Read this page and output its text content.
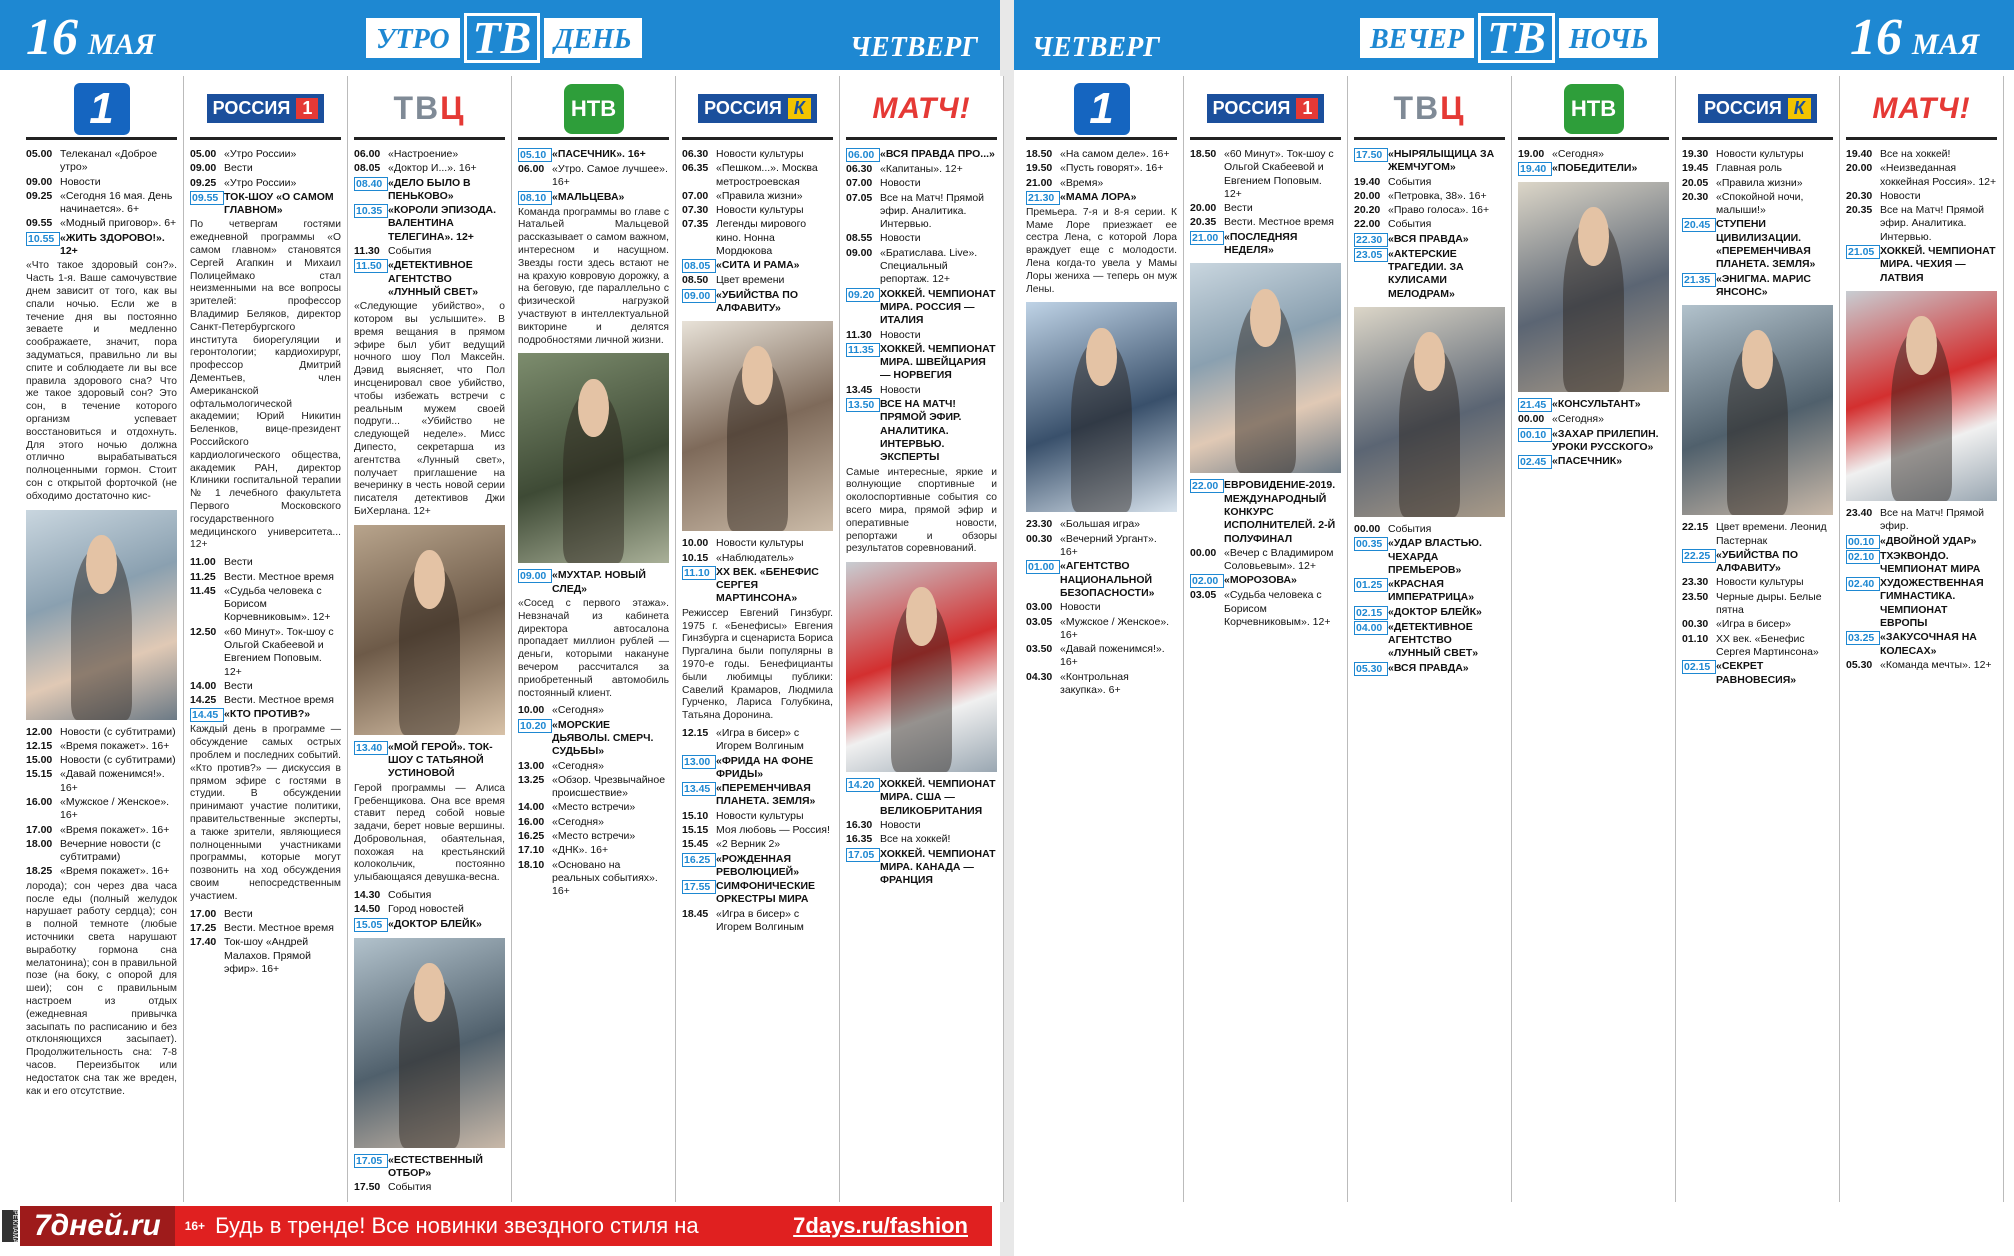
16 МАЯ	УТРО ТВ ДЕНЬ	ЧЕТВЕРГ ЧЕТВЕРГ	ВЕЧЕР ТВ НОЧЬ	16 МАЯ
1
05.00 Телеканал «Доброе утро»
09.00 Новости
09.25 «Сегодня 16 мая. День начинается». 6+
09.55 «Модный приговор». 6+
10.55 «ЖИТЬ ЗДОРОВО!». 12+
«Что такое здоровый сон?». Часть 1-я. Ваше самочувствие днем зависит от того, как вы спали ночью. Если же в течение дня вы постоянно зеваете и медленно соображаете, значит, пора задуматься, правильно ли вы спите и соблюдаете ли вы все правила здорового сна? Что же такое здоровый сон? Это сон, в течение которого организм успевает восстановиться и отдохнуть. Для этого ночью должна отлично вырабатываться полноценными гормон. Стоит сон с открытой форточкой (не обходимо достаточно кис-
12.00 Новости (с субтитрами)
12.15 «Время покажет». 16+
15.00 Новости (с субтитрами)
15.15 «Давай поженимся!». 16+
16.00 «Мужское / Женское». 16+
17.00 «Время покажет». 16+
18.00 Вечерние новости (с субтитрами)
18.25 «Время покажет». 16+
лорода); сон через два часа после еды (полный желудок нарушает работу сердца); сон в полной темноте (любые источники света нарушают выработку гормона сна мелатонина); сон в правильной позе (на боку, с опорой для шеи); сон с правильным настроем из отдых (ежедневная привычка засыпать по расписанию и без отклоняющихся засыпает). Продолжительность сна: 7-8 часов. Переизбыток или недостаток сна так же вреден, как и его отсутствие.
РОССИЯ 1
05.00 «Утро России»
09.00 Вести
09.25 «Утро России»
09.55 ТОК-ШОУ «О САМОМ ГЛАВНОМ»
По четвергам гостями ежедневной программы «О самом главном» становятся Сергей Агапкин и Михаил Полицеймако стал неизменными на все вопросы зрителей: профессор Владимир Беляков, директор Санкт-Петербургского института биорегуляции и геронтологии; кардиохирург, профессор Дмитрий Дементьев, член Американской офтальмологической академии; Юрий Никитин Беленков, вице-президент Российского кардиологического общества, академик РАН, директор Клиники госпитальной терапии № 1 лечебного факультета Первого Московского государственного медицинского университета... 12+
11.00 Вести
11.25 Вести. Местное время
11.45 «Судьба человека с Борисом Корчевниковым». 12+
12.50 «60 Минут». Ток-шоу с Ольгой Скабеевой и Евгением Поповым. 12+
14.00 Вести
14.25 Вести. Местное время
14.45 «КТО ПРОТИВ?»
Каждый день в программе — обсуждение самых острых проблем и последних событий. «Кто против?» — дискуссия в прямом эфире с гостями в студии. В обсуждении принимают участие политики, правительственные эксперты, а также зрители, являющиеся полноценными участниками программы, которые могут позвонить на ход обсуждения своим непосредственным участием.
17.00 Вести
17.25 Вести. Местное время
17.40 Ток-шоу «Андрей Малахов. Прямой эфир». 16+
ТВЦ
06.00 «Настроение»
08.05 «Доктор И...». 16+
08.40 «ДЕЛО БЫЛО В ПЕНЬКОВО»
10.35 «КОРОЛИ ЭПИЗОДА. ВАЛЕНТИНА ТЕЛЕГИНА». 12+
11.30 События
11.50 «ДЕТЕКТИВНОЕ АГЕНТСТВО «ЛУННЫЙ СВЕТ»
«Следующие убийство», о котором вы услышите». В время вещания в прямом эфире был убит ведущий ночного шоу Пол Максейн. Дэвид выясняет, что Пол инсценировал свое убийство, чтобы избежать встречи с реальным мужем своей подруги... «Убийство не следующей неделе». Мисс Дипесто, секретарша из агентства «Лунный свет», получает приглашение на вечеринку в честь новой серии писателя детективов Джи БиХерлана. 12+
13.40 «МОЙ ГЕРОЙ». ТОК-ШОУ С ТАТЬЯНОЙ УСТИНОВОЙ
Герой программы — Алиса Гребенщикова. Она все время ставит перед собой новые задачи, берет новые вершины. Добровольная, обаятельная, похожая на крестьянский колокольчик, постоянно улыбающаяся девушка-весна.
14.30 События
14.50 Город новостей
15.05 «ДОКТОР БЛЕЙК»
17.05 «ЕСТЕСТВЕННЫЙ ОТБОР»
17.50 События
НТВ
05.10 «ПАСЕЧНИК». 16+
06.00 «Утро. Самое лучшее». 16+
08.10 «МАЛЬЦЕВА»
Команда программы во главе с Натальей Мальцевой рассказывает о самом важном, интересном и насущном. Звезды гости здесь встают не на крахую ковровую дорожку, а на беговую, где параллельно с физической нагрузкой участвуют в интеллектуальной викторине и делятся подробностями личной жизни.
09.00 «МУХТАР. НОВЫЙ СЛЕД»
«Сосед с первого этажа». Невзначай из кабинета директора автосалона пропадает миллион рублей — деньги, которыми накануне вечером рассчитался за приобретенный автомобиль постоянный клиент.
10.00 «Сегодня»
10.20 «МОРСКИЕ ДЬЯВОЛЫ. СМЕРЧ. СУДЬБЫ»
13.00 «Сегодня»
13.25 «Обзор. Чрезвычайное происшествие»
14.00 «Место встречи»
16.00 «Сегодня»
16.25 «Место встречи»
17.10 «ДНК». 16+
18.10 «Основано на реальных событиях». 16+
РОССИЯ К
06.30 Новости культуры
06.35 «Пешком...». Москва метростроевская
07.00 «Правила жизни»
07.30 Новости культуры
07.35 Легенды мирового кино. Нонна Мордюкова
08.05 «СИТА И РАМА»
08.50 Цвет времени
09.00 «УБИЙСТВА ПО АЛФАВИТУ»
10.00 Новости культуры
10.15 «Наблюдатель»
11.10 ХХ ВЕК. «БЕНЕФИС СЕРГЕЯ МАРТИНСОНА»
Режиссер Евгений Гинзбург. 1975 г. «Бенефисы» Евгения Гинзбурга и сценариста Бориса Пургалина были популярны в 1970-е годы. Бенефицианты были любимцы публики: Савелий Крамаров, Людмила Гурченко, Лариса Голубкина, Татьяна Доронина.
12.15 «Игра в бисер» с Игорем Волгиным
13.00 «ФРИДА НА ФОНЕ ФРИДЫ»
13.45 «ПЕРЕМЕНЧИВАЯ ПЛАНЕТА. ЗЕМЛЯ»
15.10 Новости культуры
15.15 Моя любовь — Россия!
15.45 «2 Верник 2»
16.25 «РОЖДЕННАЯ РЕВОЛЮЦИЕЙ»
17.55 СИМФОНИЧЕСКИЕ ОРКЕСТРЫ МИРА
18.45 «Игра в бисер» с Игорем Волгиным
МАТЧ!
06.00 «ВСЯ ПРАВДА ПРО...»
06.30 «Капитаны». 12+
07.00 Новости
07.05 Все на Матч! Прямой эфир. Аналитика. Интервью.
08.55 Новости
09.00 «Братислава. Live». Специальный репортаж. 12+
09.20 ХОККЕЙ. ЧЕМПИОНАТ МИРА. РОССИЯ — ИТАЛИЯ
11.30 Новости
11.35 ХОККЕЙ. ЧЕМПИОНАТ МИРА. ШВЕЙЦАРИЯ — НОРВЕГИЯ
13.45 Новости
13.50 ВСЕ НА МАТЧ! ПРЯМОЙ ЭФИР. АНАЛИТИКА. ИНТЕРВЬЮ. ЭКСПЕРТЫ
Самые интересные, яркие и волнующие спортивные и околоспортивные события со всего мира, прямой эфир и оперативные новости, репортажи и обзоры результатов соревнований.
14.20 ХОККЕЙ. ЧЕМПИОНАТ МИРА. США — ВЕЛИКОБРИТАНИЯ
16.30 Новости
16.35 Все на хоккей!
17.05 ХОККЕЙ. ЧЕМПИОНАТ МИРА. КАНАДА — ФРАНЦИЯ
1
18.50 «На самом деле». 16+
19.50 «Пусть говорят». 16+
21.00 «Время»
21.30 «МАМА ЛОРА»
Премьера. 7-я и 8-я серии. К Маме Лоре приезжает ее сестра Лена, с которой Лора враждует еще с молодости. Лена когда-то увела у Мамы Лоры жениха — теперь он муж Лены.
23.30 «Большая игра»
00.30 «Вечерний Ургант». 16+
01.00 «АГЕНТСТВО НАЦИОНАЛЬНОЙ БЕЗОПАСНОСТИ»
03.00 Новости
03.05 «Мужское / Женское». 16+
03.50 «Давай поженимся!». 16+
04.30 «Контрольная закупка». 6+
РОССИЯ 1
18.50 «60 Минут». Ток-шоу с Ольгой Скабеевой и Евгением Поповым. 12+
20.00 Вести
20.35 Вести. Местное время
21.00 «ПОСЛЕДНЯЯ НЕДЕЛЯ»
22.00 ЕВРОВИДЕНИЕ-2019. МЕЖДУНАРОДНЫЙ КОНКУРС ИСПОЛНИТЕЛЕЙ. 2-Й ПОЛУФИНАЛ
00.00 «Вечер с Владимиром Соловьевым». 12+
02.00 «МОРОЗОВА»
03.05 «Судьба человека с Борисом Корчевниковым». 12+
ТВЦ
17.50 «НЫРЯЛЫЩИЦА ЗА ЖЕМЧУГОМ»
19.40 События
20.00 «Петровка, 38». 16+
20.20 «Право голоса». 16+
22.00 События
22.30 «ВСЯ ПРАВДА»
23.05 «АКТЕРСКИЕ ТРАГЕДИИ. ЗА КУЛИСАМИ МЕЛОДРАМ»
00.00 События
00.35 «УДАР ВЛАСТЬЮ. ЧЕХАРДА ПРЕМЬЕРОВ»
01.25 «КРАСНАЯ ИМПЕРАТРИЦА»
02.15 «ДОКТОР БЛЕЙК»
04.00 «ДЕТЕКТИВНОЕ АГЕНТСТВО «ЛУННЫЙ СВЕТ»
05.30 «ВСЯ ПРАВДА»
НТВ
19.00 «Сегодня»
19.40 «ПОБЕДИТЕЛИ»
21.45 «КОНСУЛЬТАНТ»
00.00 «Сегодня»
00.10 «ЗАХАР ПРИЛЕПИН. УРОКИ РУССКОГО»
02.45 «ПАСЕЧНИК»
РОССИЯ К
19.30 Новости культуры
19.45 Главная роль
20.05 «Правила жизни»
20.30 «Спокойной ночи, малыши!»
20.45 СТУПЕНИ ЦИВИЛИЗАЦИИ. «ПЕРЕМЕНЧИВАЯ ПЛАНЕТА. ЗЕМЛЯ»
21.35 «ЭНИГМА. МАРИС ЯНСОНС»
22.15 Цвет времени. Леонид Пастернак
22.25 «УБИЙСТВА ПО АЛФАВИТУ»
23.30 Новости культуры
23.50 Черные дыры. Белые пятна
00.30 «Игра в бисер»
01.10 ХХ век. «Бенефис Сергея Мартинсона»
02.15 «СЕКРЕТ РАВНОВЕСИЯ»
МАТЧ!
19.40 Все на хоккей!
20.00 «Неизведанная хоккейная Россия». 12+
20.30 Новости
20.35 Все на Матч! Прямой эфир. Аналитика. Интервью.
21.05 ХОККЕЙ. ЧЕМПИОНАТ МИРА. ЧЕХИЯ — ЛАТВИЯ
23.40 Все на Матч! Прямой эфир.
00.10 «ДВОЙНОЙ УДАР»
02.10 ТХЭКВОНДО. ЧЕМПИОНАТ МИРА
02.40 ХУДОЖЕСТВЕННАЯ ГИМНАСТИКА. ЧЕМПИОНАТ ЕВРОПЫ
03.25 «ЗАКУСОЧНАЯ НА КОЛЕСАХ»
05.30 «Команда мечты». 12+
РЕКЛАМА 7дней.ru	16+ Будь в тренде! Все новинки звездного стиля на	7days.ru/fashion
